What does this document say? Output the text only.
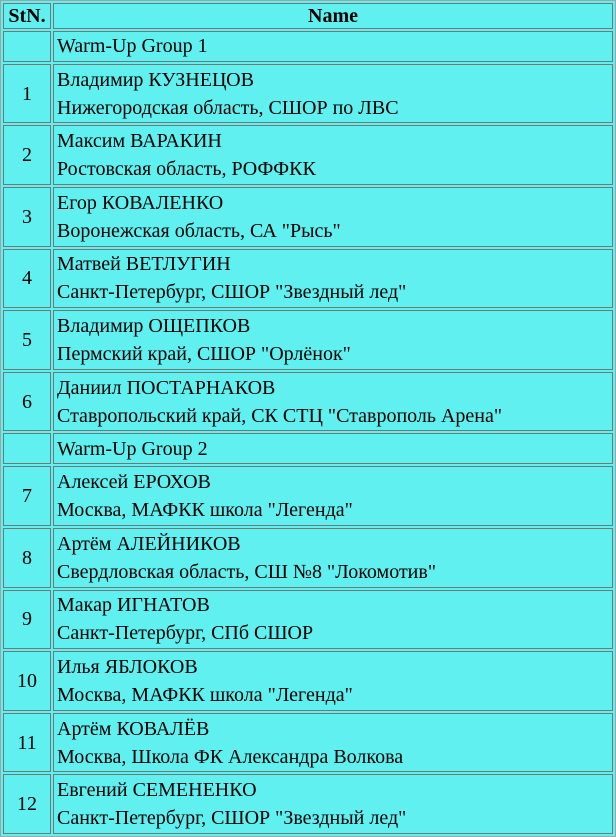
StN.	Name
	Warm-Up Group 1
1	Владимир КУЗНЕЦОВ
Нижегородская область, СШОР по ЛВС

2	Максим ВАРАКИН
Ростовская область, РОФФКК

3	Егор КОВАЛЕНКО
Воронежская область, СА "Рысь"

4	Матвей ВЕТЛУГИН
Санкт-Петербург, СШОР "Звездный лед"

5	Владимир ОЩЕПКОВ
Пермский край, СШОР "Орлёнок"

6	Даниил ПОСТАРНАКОВ
Ставропольский край, СК СТЦ "Ставрополь Арена"

	Warm-Up Group 2
7	Алексей ЕРОХОВ
Москва, МАФКК школа "Легенда"

8	Артём АЛЕЙНИКОВ
Свердловская область, СШ №8 "Локомотив"

9	Макар ИГНАТОВ
Санкт-Петербург, СПб СШОР

10	Илья ЯБЛОКОВ
Москва, МАФКК школа "Легенда"

11	Артём КОВАЛЁВ
Москва, Школа ФК Александра Волкова

12	Евгений СЕМЕНЕНКО
Санкт-Петербург, СШОР "Звездный лед"
